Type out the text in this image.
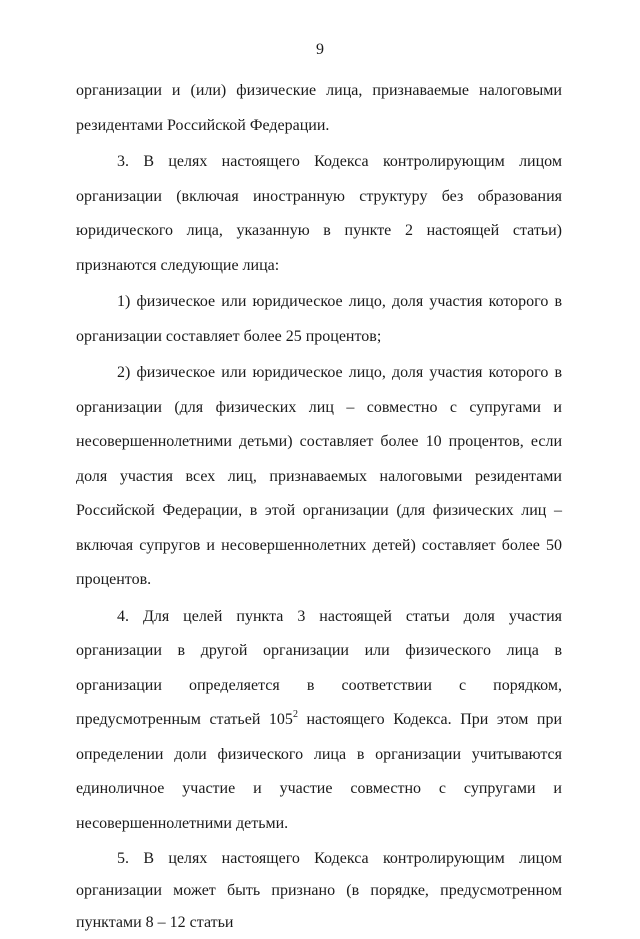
9

организации и (или) физические лица, признаваемые налоговыми резидентами Российской Федерации.

3. В целях настоящего Кодекса контролирующим лицом организации (включая иностранную структуру без образования юридического лица, указанную в пункте 2 настоящей статьи) признаются следующие лица:

1) физическое или юридическое лицо, доля участия которого в организации составляет более 25 процентов;

2) физическое или юридическое лицо, доля участия которого в организации (для физических лиц – совместно с супругами и несовершеннолетними детьми) составляет более 10 процентов, если доля участия всех лиц, признаваемых налоговыми резидентами Российской Федерации, в этой организации (для физических лиц – включая супругов и несовершеннолетних детей) составляет более 50 процентов.

4. Для целей пункта 3 настоящей статьи доля участия организации в другой организации или физического лица в организации определяется в соответствии с порядком, предусмотренным статьей $105^2$ настоящего Кодекса. При этом при определении доли физического лица в организации учитываются единоличное участие и участие совместно с супругами и несовершеннолетними детьми.

5. В целях настоящего Кодекса контролирующим лицом организации может быть признано (в порядке, предусмотренном пунктами 8 – 12 статьи
